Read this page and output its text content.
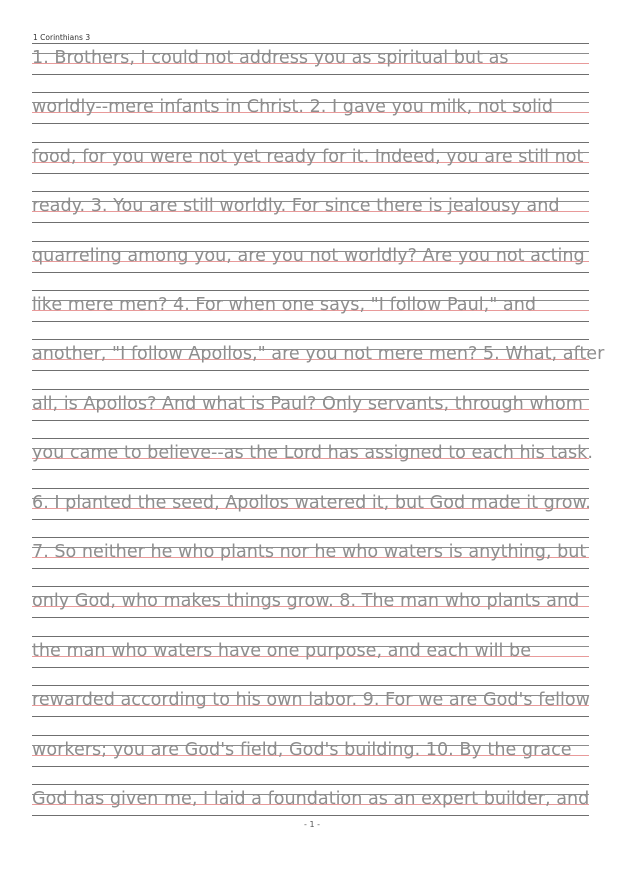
1 Corinthians 3
1. Brothers, I could not address you as spiritual but as
worldly--mere infants in Christ. 2. I gave you milk, not solid
food, for you were not yet ready for it. Indeed, you are still not
ready. 3. You are still worldly. For since there is jealousy and
quarreling among you, are you not worldly? Are you not acting
like mere men? 4. For when one says, "I follow Paul," and
another, "I follow Apollos," are you not mere men? 5. What, after
all, is Apollos? And what is Paul? Only servants, through whom
you came to believe--as the Lord has assigned to each his task.
6. I planted the seed, Apollos watered it, but God made it grow.
7. So neither he who plants nor he who waters is anything, but
only God, who makes things grow. 8. The man who plants and
the man who waters have one purpose, and each will be
rewarded according to his own labor. 9. For we are God's fellow
workers; you are God's field, God's building. 10. By the grace
God has given me, I laid a foundation as an expert builder, and
- 1 -
